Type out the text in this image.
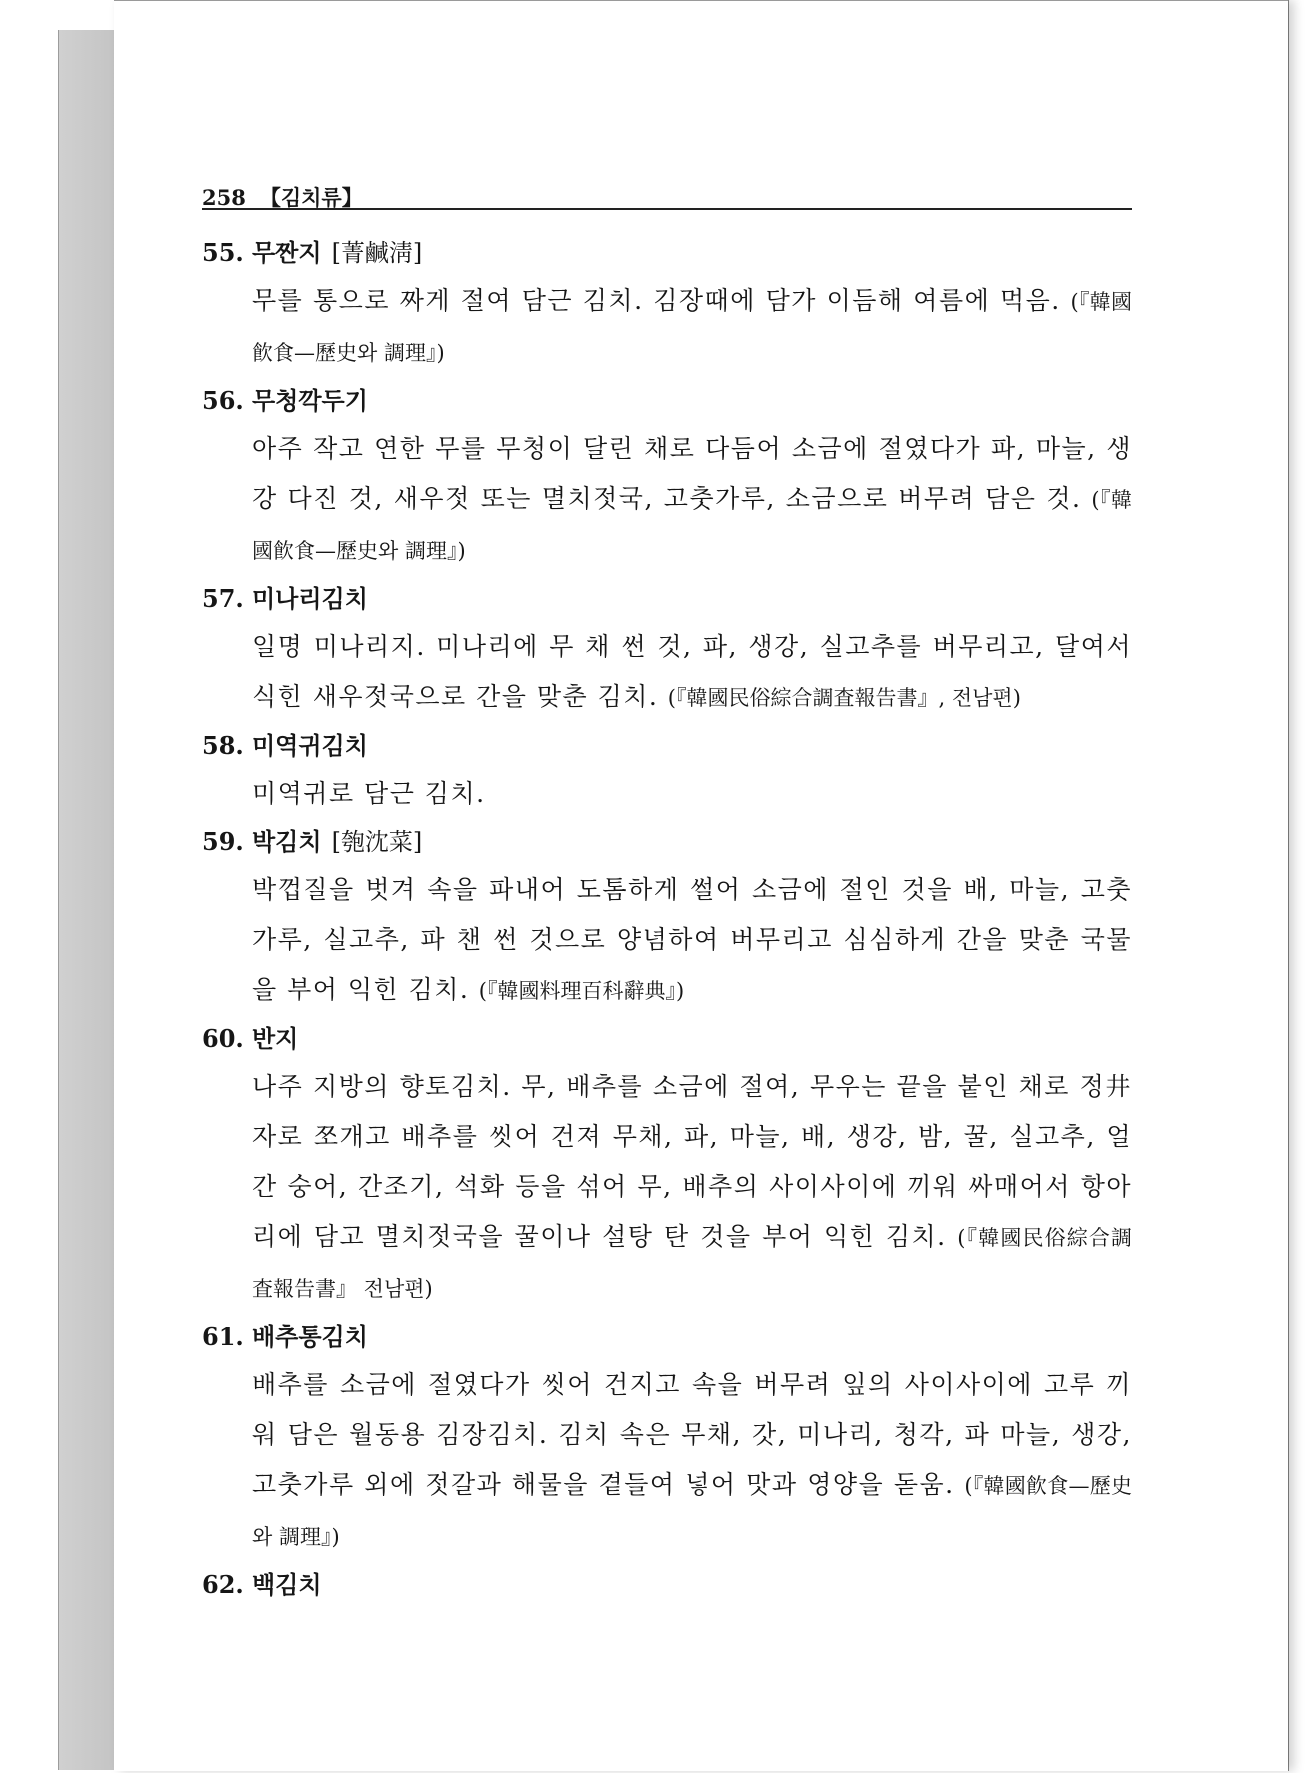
258 【김치류】
55. 무짠지 [菁鹹淸]

무를 통으로 짜게 절여 담근 김치. 김장때에 담가 이듬해 여름에 먹음. (『韓國飮食—歷史와 調理』)

56. 무청깍두기

아주 작고 연한 무를 무청이 달린 채로 다듬어 소금에 절였다가 파, 마늘, 생강 다진 것, 새우젓 또는 멸치젓국, 고춧가루, 소금으로 버무려 담은 것. (『韓國飮食—歷史와 調理』)

57. 미나리김치

일명 미나리지. 미나리에 무 채 썬 것, 파, 생강, 실고추를 버무리고, 달여서 식힌 새우젓국으로 간을 맞춘 김치. (『韓國民俗綜合調査報告書』, 전남편)

58. 미역귀김치

미역귀로 담근 김치.

59. 박김치 [匏沈菜]

박껍질을 벗겨 속을 파내어 도톰하게 썰어 소금에 절인 것을 배, 마늘, 고춧가루, 실고추, 파 챈 썬 것으로 양념하여 버무리고 심심하게 간을 맞춘 국물을 부어 익힌 김치. (『韓國料理百科辭典』)

60. 반지

나주 지방의 향토김치. 무, 배추를 소금에 절여, 무우는 끝을 붙인 채로 정井자로 쪼개고 배추를 씻어 건져 무채, 파, 마늘, 배, 생강, 밤, 꿀, 실고추, 얼간 숭어, 간조기, 석화 등을 섞어 무, 배추의 사이사이에 끼워 싸매어서 항아리에 담고 멸치젓국을 꿀이나 설탕 탄 것을 부어 익힌 김치. (『韓國民俗綜合調査報告書』 전남편)

61. 배추통김치

배추를 소금에 절였다가 씻어 건지고 속을 버무려 잎의 사이사이에 고루 끼워 담은 월동용 김장김치. 김치 속은 무채, 갓, 미나리, 청각, 파 마늘, 생강, 고춧가루 외에 젓갈과 해물을 곁들여 넣어 맛과 영양을 돋움. (『韓國飮食—歷史와 調理』)

62. 백김치
